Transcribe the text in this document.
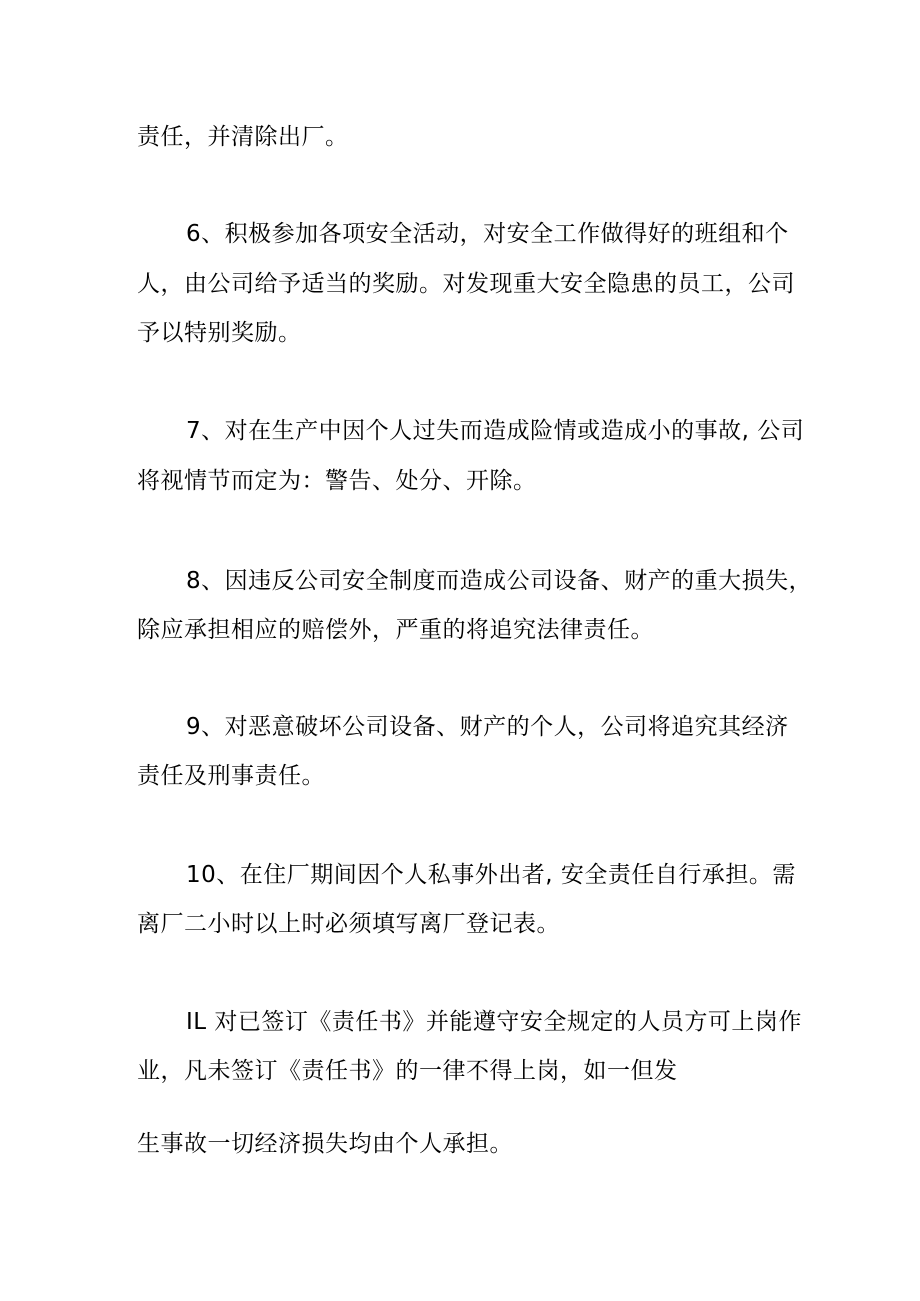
责任，并清除出厂。
6、积极参加各项安全活动，对安全工作做得好的班组和个
人，由公司给予适当的奖励。对发现重大安全隐患的员工，公司
予以特别奖励。
7、对在生产中因个人过失而造成险情或造成小的事故, 公司
将视情节而定为：警告、处分、开除。
8、因违反公司安全制度而造成公司设备、财产的重大损失，
除应承担相应的赔偿外，严重的将追究法律责任。
9、对恶意破坏公司设备、财产的个人，公司将追究其经济
责任及刑事责任。
10、在住厂期间因个人私事外出者, 安全责任自行承担。需
离厂二小时以上时必须填写离厂登记表。
IL 对已签订《责任书》并能遵守安全规定的人员方可上岗作
业，凡未签订《责任书》的一律不得上岗，如一但发
生事故一切经济损失均由个人承担。
